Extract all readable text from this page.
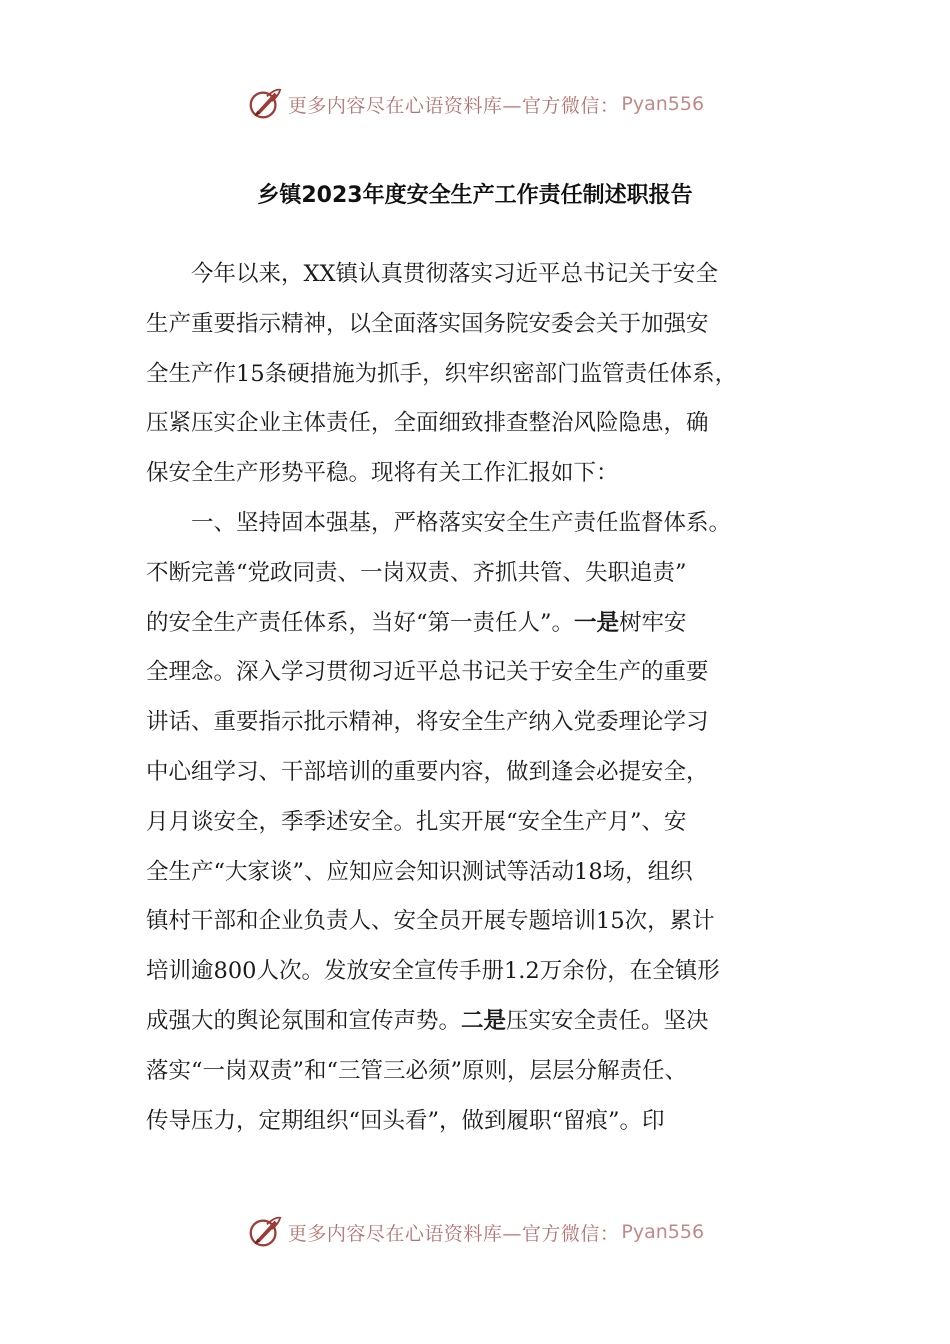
更多内容尽在心语资料库—官方微信： Pyan556
乡镇2023年度安全生产工作责任制述职报告
　　今年以来，XX镇认真贯彻落实习近平总书记关于安全
生产重要指示精神，以全面落实国务院安委会关于加强安
全生产作15条硬措施为抓手，织牢织密部门监管责任体系，
压紧压实企业主体责任，全面细致排查整治风险隐患，确
保安全生产形势平稳。现将有关工作汇报如下：
　　一、坚持固本强基，严格落实安全生产责任监督体系。
不断完善“党政同责、一岗双责、齐抓共管、失职追责”
的安全生产责任体系，当好“第一责任人”。一是树牢安
全理念。深入学习贯彻习近平总书记关于安全生产的重要
讲话、重要指示批示精神，将安全生产纳入党委理论学习
中心组学习、干部培训的重要内容，做到逢会必提安全，
月月谈安全，季季述安全。扎实开展“安全生产月”、安
全生产“大家谈”、应知应会知识测试等活动18场，组织
镇村干部和企业负责人、安全员开展专题培训15次，累计
培训逾800人次。发放安全宣传手册1.2万余份，在全镇形
成强大的舆论氛围和宣传声势。二是压实安全责任。坚决
落实“一岗双责”和“三管三必须”原则，层层分解责任、
传导压力，定期组织“回头看”，做到履职“留痕”。印
更多内容尽在心语资料库—官方微信： Pyan556
